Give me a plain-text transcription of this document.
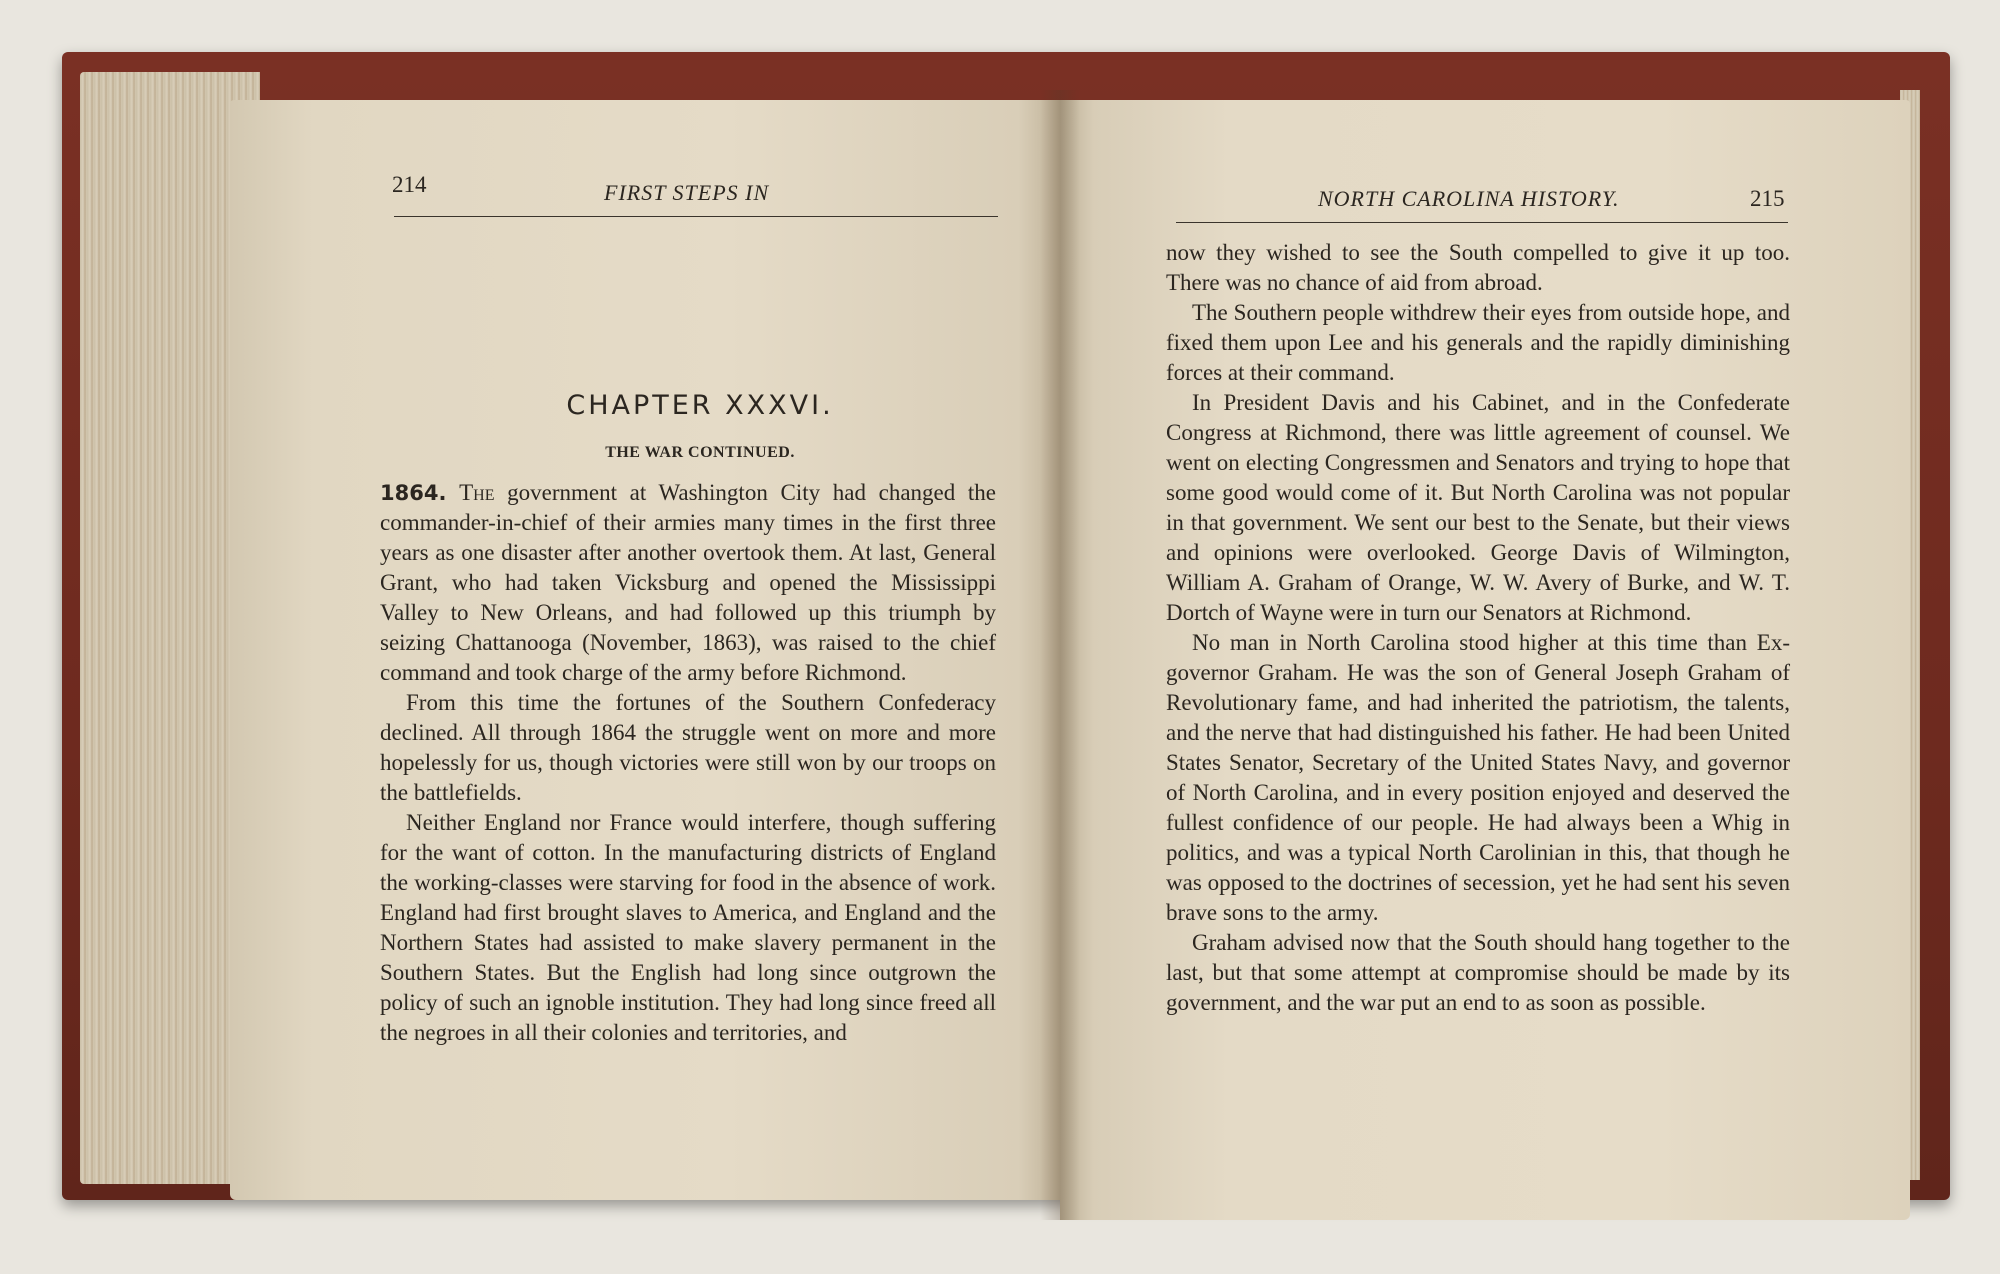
214	FIRST STEPS IN
CHAPTER XXXVI.
THE WAR CONTINUED.

1864. The government at Washington City had changed the commander-in-chief of their armies many times in the first three years as one disaster after another overtook them. At last, General Grant, who had taken Vicksburg and opened the Mississippi Valley to New Orleans, and had followed up this triumph by seizing Chattanooga (November, 1863), was raised to the chief command and took charge of the army before Richmond.

From this time the fortunes of the Southern Confederacy declined. All through 1864 the struggle went on more and more hopelessly for us, though victories were still won by our troops on the battlefields.

Neither England nor France would interfere, though suffering for the want of cotton. In the manufacturing districts of England the working-classes were starving for food in the absence of work. England had first brought slaves to America, and England and the Northern States had assisted to make slavery permanent in the Southern States. But the English had long since outgrown the policy of such an ignoble institution. They had long since freed all the negroes in all their colonies and territories, and

NORTH CAROLINA HISTORY.	215

now they wished to see the South compelled to give it up too. There was no chance of aid from abroad.

The Southern people withdrew their eyes from outside hope, and fixed them upon Lee and his generals and the rapidly diminishing forces at their command.

In President Davis and his Cabinet, and in the Confederate Congress at Richmond, there was little agreement of counsel. We went on electing Congressmen and Senators and trying to hope that some good would come of it. But North Carolina was not popular in that government. We sent our best to the Senate, but their views and opinions were overlooked. George Davis of Wilmington, William A. Graham of Orange, W. W. Avery of Burke, and W. T. Dortch of Wayne were in turn our Senators at Richmond.

No man in North Carolina stood higher at this time than Ex-governor Graham. He was the son of General Joseph Graham of Revolutionary fame, and had inherited the patriotism, the talents, and the nerve that had distinguished his father. He had been United States Senator, Secretary of the United States Navy, and governor of North Carolina, and in every position enjoyed and deserved the fullest confidence of our people. He had always been a Whig in politics, and was a typical North Carolinian in this, that though he was opposed to the doctrines of secession, yet he had sent his seven brave sons to the army.

Graham advised now that the South should hang together to the last, but that some attempt at compromise should be made by its government, and the war put an end to as soon as possible.
